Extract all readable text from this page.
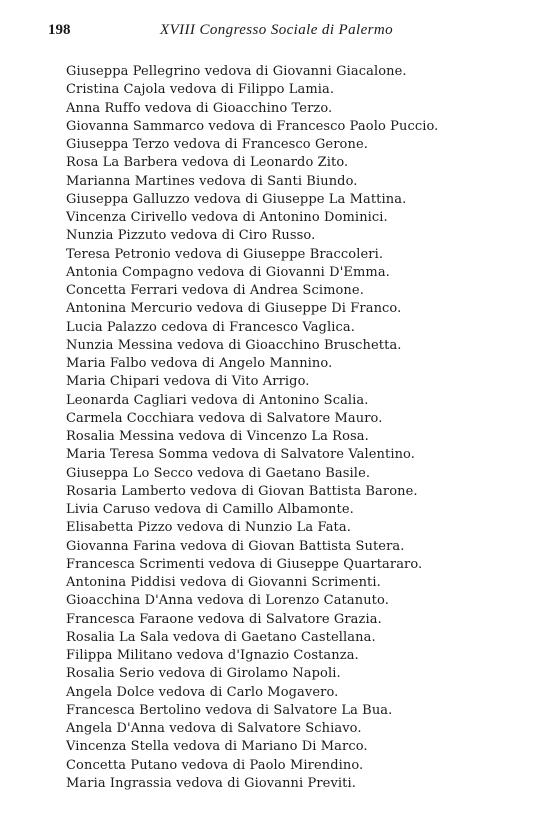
198	XVIII Congresso Sociale di Palermo
Giuseppa Pellegrino vedova di Giovanni Giacalone.
Cristina Cajola vedova di Filippo Lamia.
Anna Ruffo vedova di Gioacchino Terzo.
Giovanna Sammarco vedova di Francesco Paolo Puccio.
Giuseppa Terzo vedova di Francesco Gerone.
Rosa La Barbera vedova di Leonardo Zito.
Marianna Martines vedova di Santi Biundo.
Giuseppa Galluzzo vedova di Giuseppe La Mattina.
Vincenza Cirivello vedova di Antonino Dominici.
Nunzia Pizzuto vedova di Ciro Russo.
Teresa Petronio vedova di Giuseppe Braccoleri.
Antonia Compagno vedova di Giovanni D'Emma.
Concetta Ferrari vedova di Andrea Scimone.
Antonina Mercurio vedova di Giuseppe Di Franco.
Lucia Palazzo cedova di Francesco Vaglica.
Nunzia Messina vedova di Gioacchino Bruschetta.
Maria Falbo vedova di Angelo Mannino.
Maria Chipari vedova di Vito Arrigo.
Leonarda Cagliari vedova di Antonino Scalia.
Carmela Cocchiara vedova di Salvatore Mauro.
Rosalia Messina vedova di Vincenzo La Rosa.
Maria Teresa Somma vedova di Salvatore Valentino.
Giuseppa Lo Secco vedova di Gaetano Basile.
Rosaria Lamberto vedova di Giovan Battista Barone.
Livia Caruso vedova di Camillo Albamonte.
Elisabetta Pizzo vedova di Nunzio La Fata.
Giovanna Farina vedova di Giovan Battista Sutera.
Francesca Scrimenti vedova di Giuseppe Quartararo.
Antonina Piddisi vedova di Giovanni Scrimenti.
Gioacchina D'Anna vedova di Lorenzo Catanuto.
Francesca Faraone vedova di Salvatore Grazia.
Rosalia La Sala vedova di Gaetano Castellana.
Filippa Militano vedova d'Ignazio Costanza.
Rosalia Serio vedova di Girolamo Napoli.
Angela Dolce vedova di Carlo Mogavero.
Francesca Bertolino vedova di Salvatore La Bua.
Angela D'Anna vedova di Salvatore Schiavo.
Vincenza Stella vedova di Mariano Di Marco.
Concetta Putano vedova di Paolo Mirendino.
Maria Ingrassia vedova di Giovanni Previti.
